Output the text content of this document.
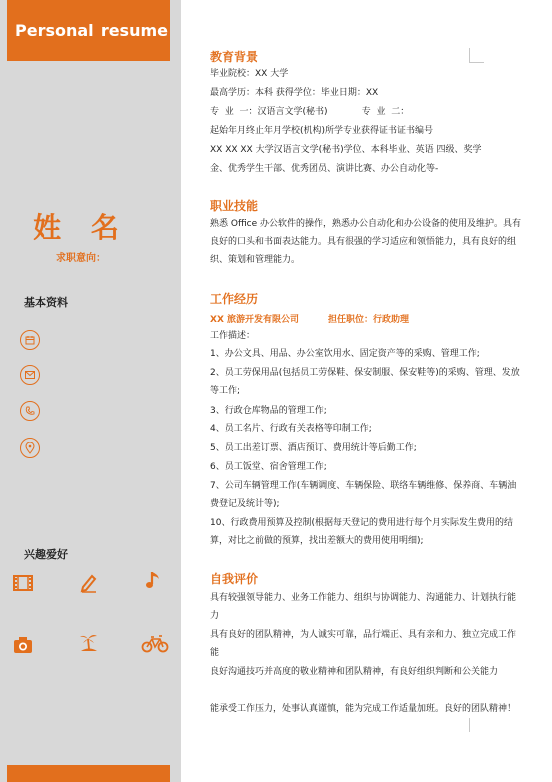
Personal resume
姓 名
求职意向：
基本资料
兴趣爱好
教育背景
毕业院校：XX 大学
最高学历：本科 获得学位：毕业日期：XX
专  业  一：汉语言文学(秘书)            专  业  二：
起始年月终止年月学校(机构)所学专业获得证书证书编号
XX XX XX 大学汉语言文学(秘书)学位、本科毕业、英语 四级、奖学
金、优秀学生干部、优秀团员、演讲比赛、办公自动化等-
职业技能
熟悉 Office 办公软件的操作，熟悉办公自动化和办公设备的使用及维护。具有良好的口头和书面表达能力。具有很强的学习适应和领悟能力，具有良好的组织、策划和管理能力。
工作经历
XX 旅游开发有限公司	担任职位：行政助理
工作描述：
1、办公文具、用品、办公室饮用水、固定资产等的采购、管理工作;
2、员工劳保用品(包括员工劳保鞋、保安制服、保安鞋等)的采购、管理、发放等工作;
3、行政仓库物品的管理工作;
4、员工名片、行政有关表格等印制工作;
5、员工出差订票、酒店预订、费用统计等后勤工作;
6、员工饭堂、宿舍管理工作;
7、公司车辆管理工作(车辆调度、车辆保险、联络车辆维修、保养商、车辆油费登记及统计等);
10、行政费用预算及控制(根据每天登记的费用进行每个月实际发生费用的结算，对比之前做的预算，找出差额大的费用使用明细);
自我评价
具有较强领导能力、业务工作能力、组织与协调能力、沟通能力、计划执行能力
具有良好的团队精神，为人诚实可靠，品行端正、具有亲和力、独立完成工作能
良好沟通技巧并高度的敬业精神和团队精神，有良好组织判断和公关能力
能承受工作压力，处事认真谨慎，能为完成工作适量加班。良好的团队精神！
